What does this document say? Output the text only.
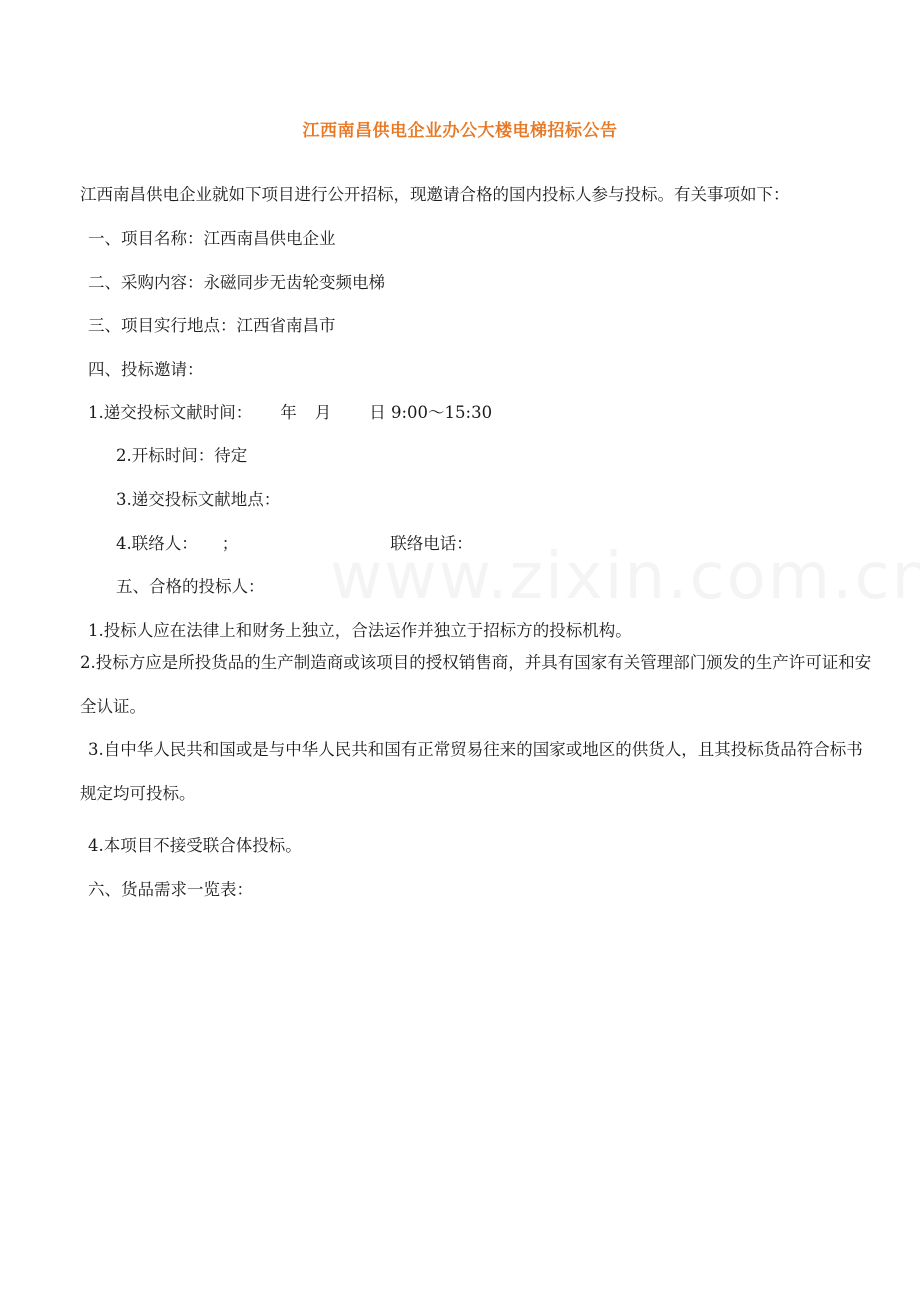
江西南昌供电企业办公大楼电梯招标公告
江西南昌供电企业就如下项目进行公开招标，现邀请合格的国内投标人参与投标。有关事项如下：
一、项目名称：江西南昌供电企业
二、采购内容：永磁同步无齿轮变频电梯
三、项目实行地点：江西省南昌市
四、投标邀请：
1.递交投标文献时间： 年 月 日 9:00～15:30
2.开标时间：待定
3.递交投标文献地点：
4.联络人： ；	联络电话：
五、合格的投标人：
1.投标人应在法律上和财务上独立，合法运作并独立于招标方的投标机构。
2.投标方应是所投货品的生产制造商或该项目的授权销售商，并具有国家有关管理部门颁发的生产许可证和安全认证。
3.自中华人民共和国或是与中华人民共和国有正常贸易往来的国家或地区的供货人，且其投标货品符合标书规定均可投标。
4.本项目不接受联合体投标。
六、货品需求一览表：
